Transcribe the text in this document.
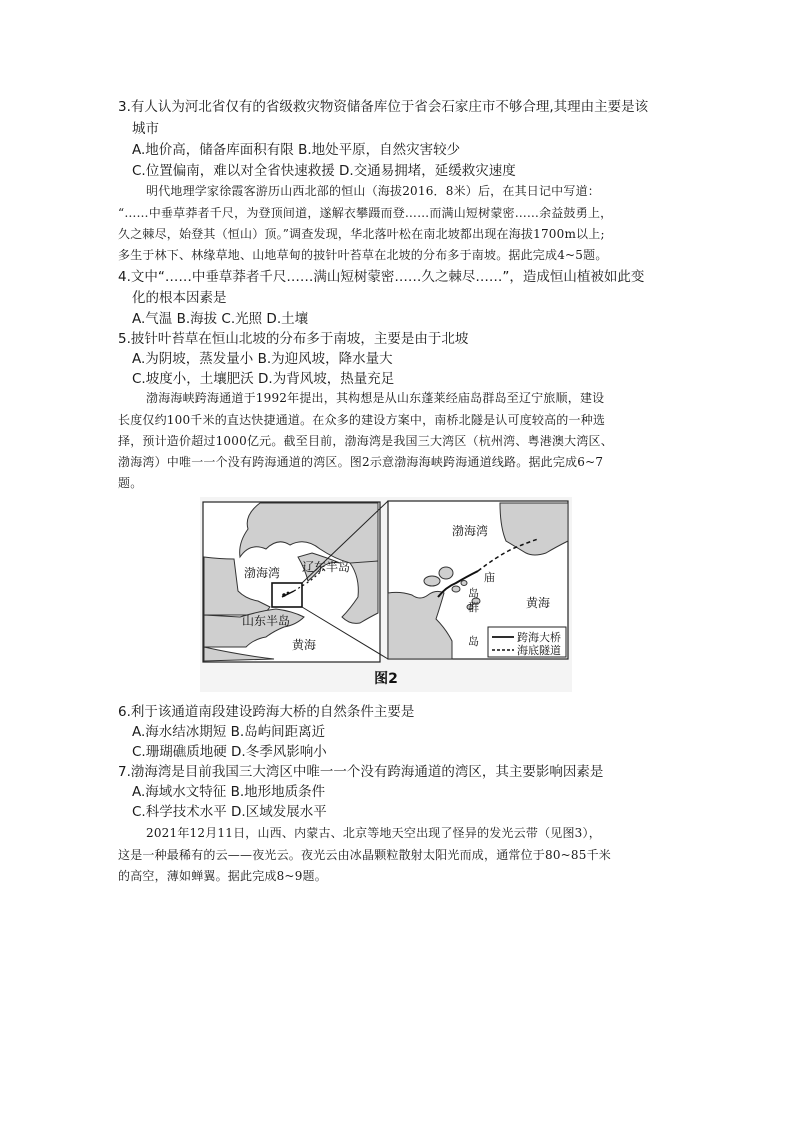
3.有人认为河北省仅有的省级救灾物资储备库位于省会石家庄市不够合理,其理由主要是该
城市
A.地价高，储备库面积有限 B.地处平原，自然灾害较少
C.位置偏南，难以对全省快速救援 D.交通易拥堵，延缓救灾速度
明代地理学家徐霞客游历山西北部的恒山（海拔2016．8米）后，在其日记中写道：
“……中垂草莽者千尺，为登顶间道，遂解衣攀蹑而登……而满山短树蒙密……余益鼓勇上，
久之棘尽，始登其（恒山）顶。”调查发现，华北落叶松在南北坡都出现在海拔1700m以上;
多生于林下、林缘草地、山地草甸的披针叶苔草在北坡的分布多于南坡。据此完成4~5题。
4.文中“……中垂草莽者千尺……满山短树蒙密……久之棘尽……”，造成恒山植被如此变
化的根本因素是
A.气温 B.海拔 C.光照 D.土壤
5.披针叶苔草在恒山北坡的分布多于南坡，主要是由于北坡
A.为阴坡，蒸发量小 B.为迎风坡，降水量大
C.坡度小，土壤肥沃 D.为背风坡，热量充足
渤海海峡跨海通道于1992年提出，其构想是从山东蓬莱经庙岛群岛至辽宁旅顺，建设
长度仅约100千米的直达快捷通道。在众多的建设方案中，南桥北隧是认可度较高的一种选
择，预计造价超过1000亿元。截至目前，渤海湾是我国三大湾区（杭州湾、粤港澳大湾区、
渤海湾）中唯一一个没有跨海通道的湾区。图2示意渤海海峡跨海通道线路。据此完成6~7
题。
渤海湾 辽东半岛
山东半岛
黄海
渤海湾
庙
岛
群
岛
黄海
跨海大桥
海底隧道
图2
6.利于该通道南段建设跨海大桥的自然条件主要是
A.海水结冰期短 B.岛屿间距离近
C.珊瑚礁质地硬 D.冬季风影响小
7.渤海湾是目前我国三大湾区中唯一一个没有跨海通道的湾区，其主要影响因素是
A.海域水文特征 B.地形地质条件
C.科学技术水平 D.区域发展水平
2021年12月11日，山西、内蒙古、北京等地天空出现了怪异的发光云带（见图3），
这是一种最稀有的云——夜光云。夜光云由冰晶颗粒散射太阳光而成，通常位于80~85千米
的高空，薄如蝉翼。据此完成8~9题。
